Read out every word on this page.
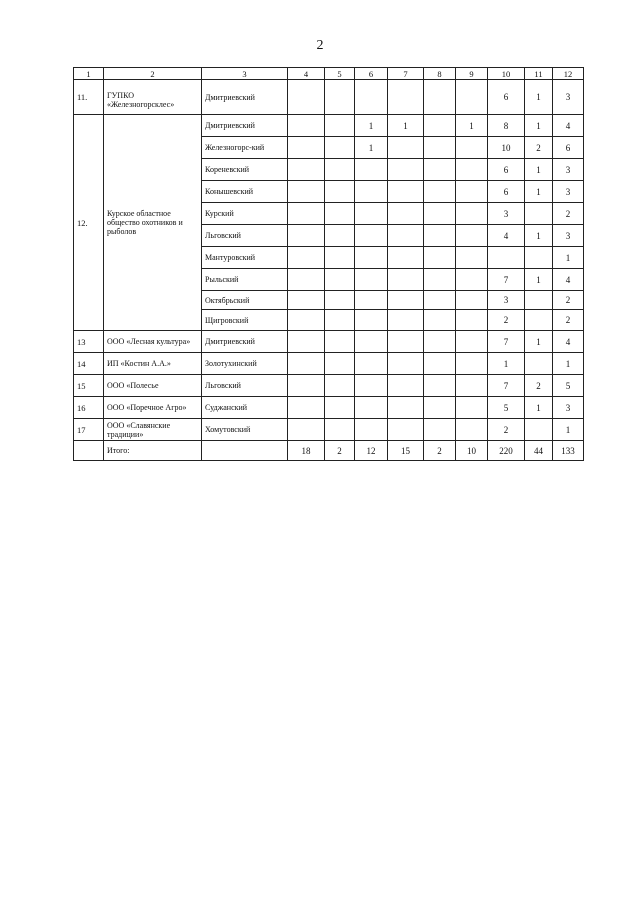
2
1	2	3	4	5	6	7	8	9	10	11	12
11.	ГУПКО «Железногорсклес»	Дмитриевский							6	1	3
12.	Курское областное общество охотников и рыболов	Дмитриевский			1	1		1	8	1	4
		Железногорс-кий			1				10	2	6
		Кореневский							6	1	3
		Конышевский							6	1	3
		Курский							3		2
		Льговский							4	1	3
		Мантуровский									1
		Рыльский							7	1	4
		Октябрьский							3		2
		Щигровский							2		2
13	ООО «Лесная культура»	Дмитриевский							7	1	4
14	ИП «Костин А.А.»	Золотухинский							1		1
15	ООО «Полесье	Льговский							7	2	5
16	ООО «Поречное Агро»	Суджанский							5	1	3
17	ООО «Славянские традиции»	Хомутовский							2		1
	Итого:		18	2	12	15	2	10	220	44	133
